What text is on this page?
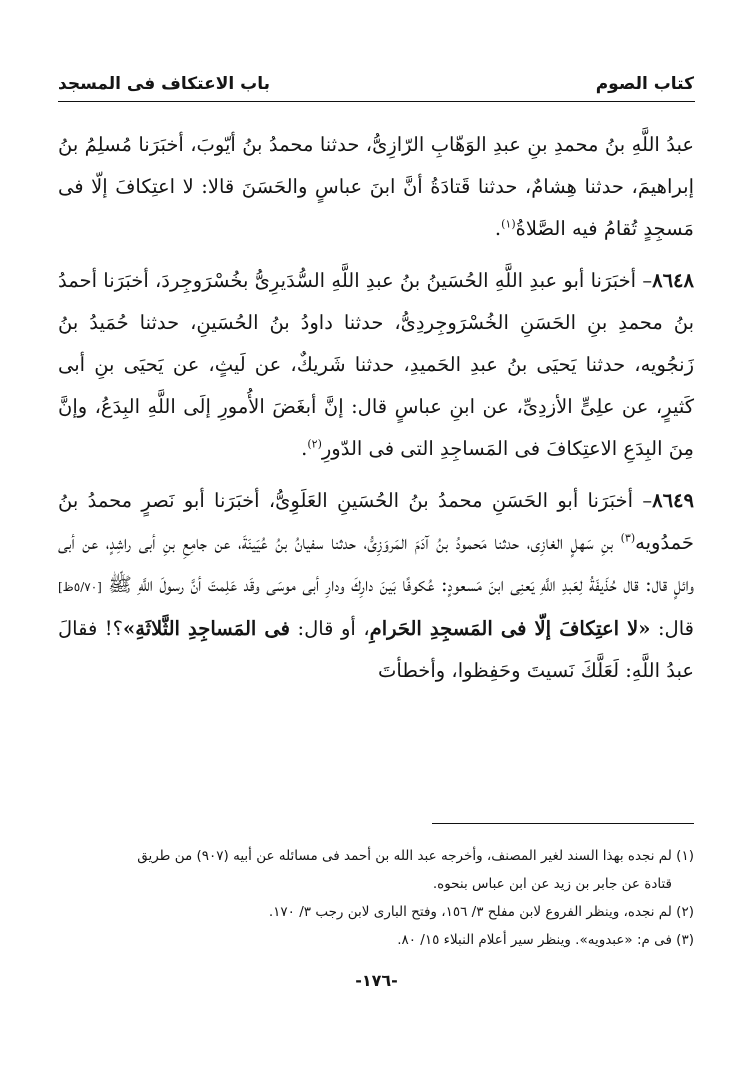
كتاب الصوم
باب الاعتكاف فى المسجد

عبدُ اللَّهِ بنُ محمدِ بنِ عبدِ الوَهّابِ الرّازِىُّ، حدثنا محمدُ بنُ أيّوبَ، أخبَرَنا مُسلِمُ بنُ إبراهيمَ، حدثنا هِشامٌ، حدثنا قَتادَةُ أنَّ ابنَ عباسٍ والحَسَنَ قالا: لا اعتِكافَ إلّا فى مَسجِدٍ تُقامُ فيه الصَّلاةُ$^{(١)}$.

٨٦٤٨– أخبَرَنا أبو عبدِ اللَّهِ الحُسَينُ بنُ عبدِ اللَّهِ السُّدَيرِىُّ بخُسْرَوجِردَ، أخبَرَنا أحمدُ بنُ محمدِ بنِ الحَسَنِ الخُسْرَوجِردِىُّ، حدثنا داودُ بنُ الحُسَينِ، حدثنا حُمَيدُ بنُ زَنجُويه، حدثنا يَحيَى بنُ عبدِ الحَميدِ، حدثنا شَريكٌ، عن لَيثٍ، عن يَحيَى بنِ أبى كَثيرٍ، عن علِىٍّ الأزدِىِّ، عن ابنِ عباسٍ قال: إنَّ أبغَضَ الأُمورِ إلَى اللَّهِ البِدَعُ، وإنَّ مِنَ البِدَعِ الاعتِكافَ فى المَساجِدِ التى فى الدّورِ$^{(٢)}$.

٨٦٤٩– أخبَرَنا أبو الحَسَنِ محمدُ بنُ الحُسَينِ العَلَوِىُّ، أخبَرَنا أبو نَصرٍ محمدُ بنُ حَمدُويه$^{(٣)}$ بنِ سَهلٍ الغازِى، حدثنا مَحمودُ بنُ آدَمَ المَروَزِىُّ، حدثنا سفيانُ بنُ عُيَينَةَ، عن جامِعِ بنِ أبى راشِدٍ، عن أبى وائلٍ قال: قال حُذَيفَةُ لِعَبدِ اللَّهِ يَعنِى ابنَ مَسعودٍ: عُكوفًا بَينَ دارِكَ ودارِ أبى موسَى وقَد عَلِمتَ أنَّ رسولَ اللَّهِ ﷺ [٥/٧٠ظ] قال: «لا اعتِكافَ إلّا فى المَسجِدِ الحَرامِ، أو قال: فى المَساجِدِ الثَّلاثَةِ»؟! فقالَ عبدُ اللَّهِ: لَعَلَّكَ نَسيتَ وحَفِظوا، وأخطأتَ

(١) لم نجده بهذا السند لغير المصنف، وأخرجه عبد الله بن أحمد فى مسائله عن أبيه (٩٠٧) من طريق

قتادة عن جابر بن زيد عن ابن عباس بنحوه.

(٢) لم نجده، وينظر الفروع لابن مفلح ٣/ ١٥٦، وفتح البارى لابن رجب ٣/ ١٧٠.

(٣) فى م: «عبدويه». وينظر سير أعلام النبلاء ١٥/ ٨٠.

-١٧٦-
